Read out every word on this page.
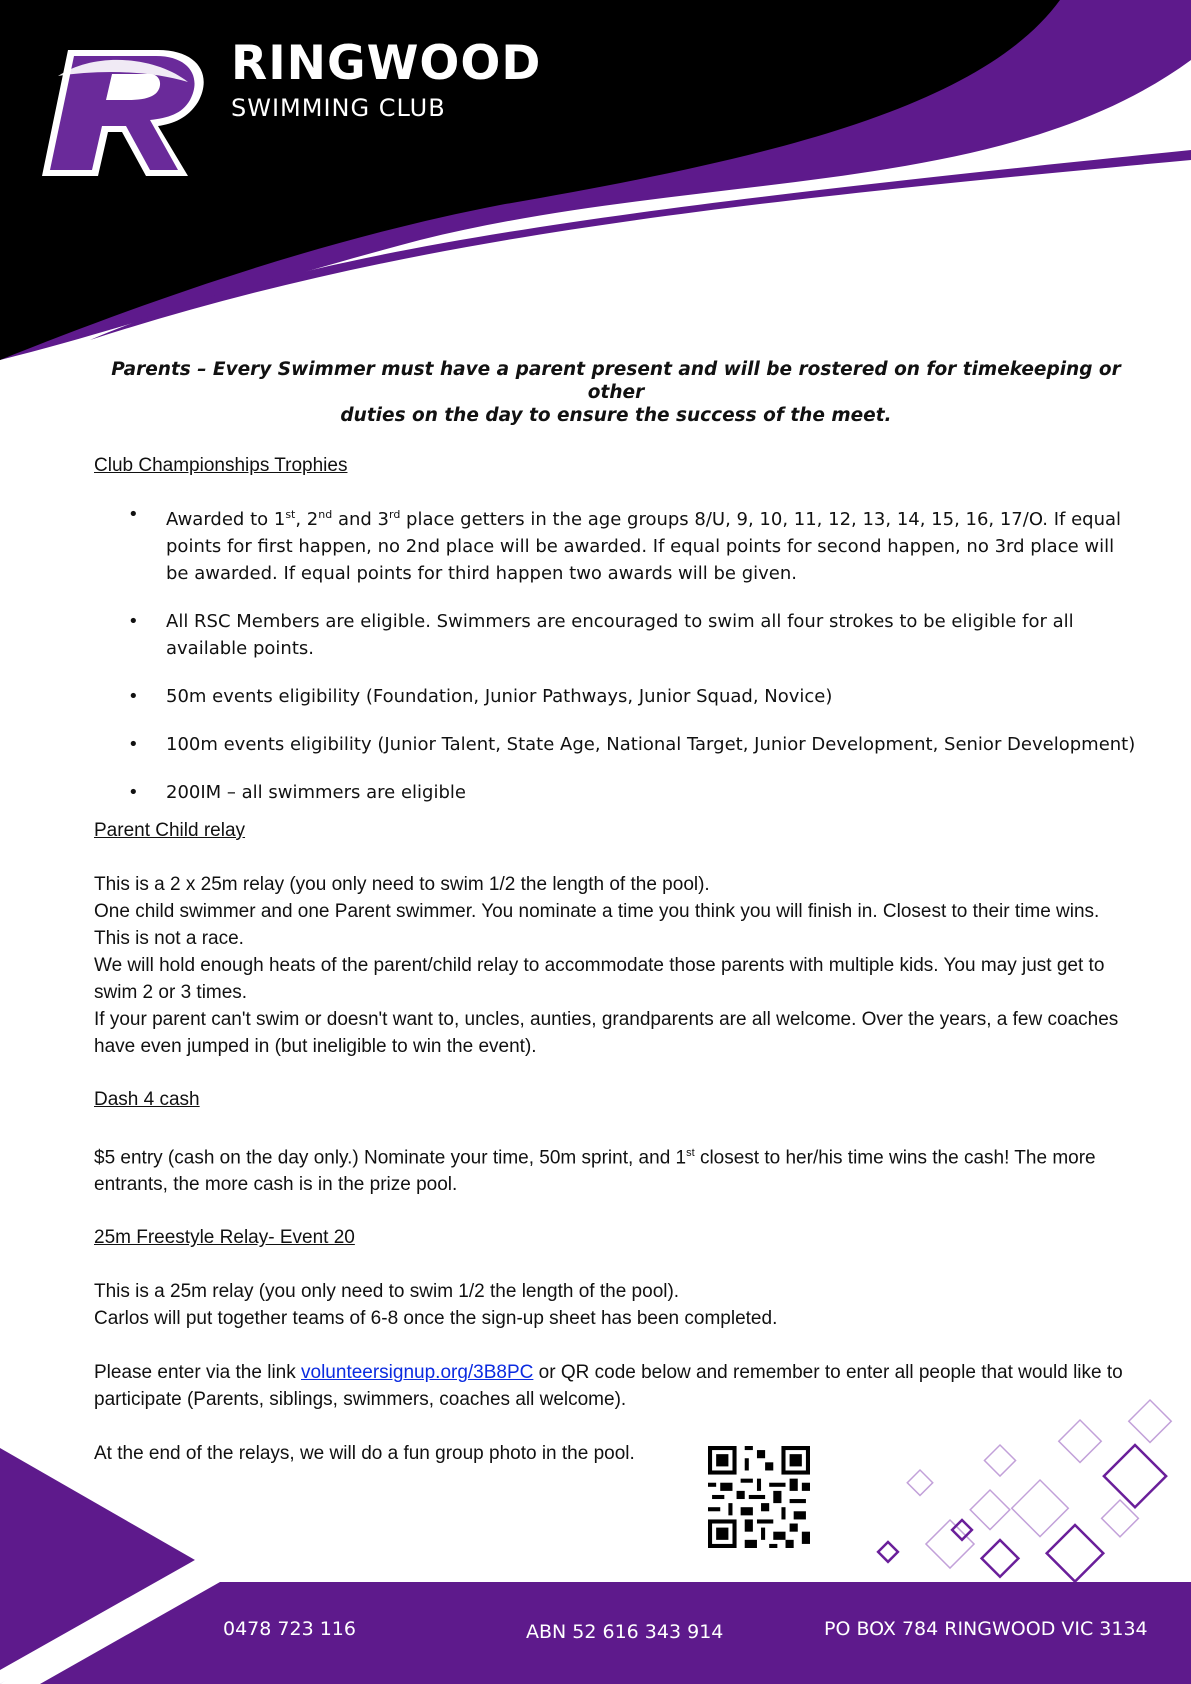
RINGWOOD
SWIMMING CLUB

Parents – Every Swimmer must have a parent present and will be rostered on for timekeeping or other
duties on the day to ensure the success of the meet.

Club Championships Trophies

• Awarded to 1st, 2nd and 3rd place getters in the age groups 8/U, 9, 10, 11, 12, 13, 14, 15, 16, 17/O. If equal points for first happen, no 2nd place will be awarded. If equal points for second happen, no 3rd place will be awarded. If equal points for third happen two awards will be given.
• All RSC Members are eligible. Swimmers are encouraged to swim all four strokes to be eligible for all available points.
• 50m events eligibility (Foundation, Junior Pathways, Junior Squad, Novice)
• 100m events eligibility (Junior Talent, State Age, National Target, Junior Development, Senior Development)
• 200IM – all swimmers are eligible

Parent Child relay

This is a 2 x 25m relay (you only need to swim 1/2 the length of the pool).

One child swimmer and one Parent swimmer. You nominate a time you think you will finish in. Closest to their time wins. This is not a race.

We will hold enough heats of the parent/child relay to accommodate those parents with multiple kids. You may just get to swim 2 or 3 times.

If your parent can't swim or doesn't want to, uncles, aunties, grandparents are all welcome. Over the years, a few coaches have even jumped in (but ineligible to win the event).

Dash 4 cash

$5 entry (cash on the day only.) Nominate your time, 50m sprint, and 1st closest to her/his time wins the cash! The more entrants, the more cash is in the prize pool.

25m Freestyle Relay- Event 20

This is a 25m relay (you only need to swim 1/2 the length of the pool).

Carlos will put together teams of 6-8 once the sign-up sheet has been completed.

Please enter via the link volunteersignup.org/3B8PC or QR code below and remember to enter all people that would like to participate (Parents, siblings, swimmers, coaches all welcome).

At the end of the relays, we will do a fun group photo in the pool.

0478 723 116	ABN 52 616 343 914	PO BOX 784 RINGWOOD VIC 3134
